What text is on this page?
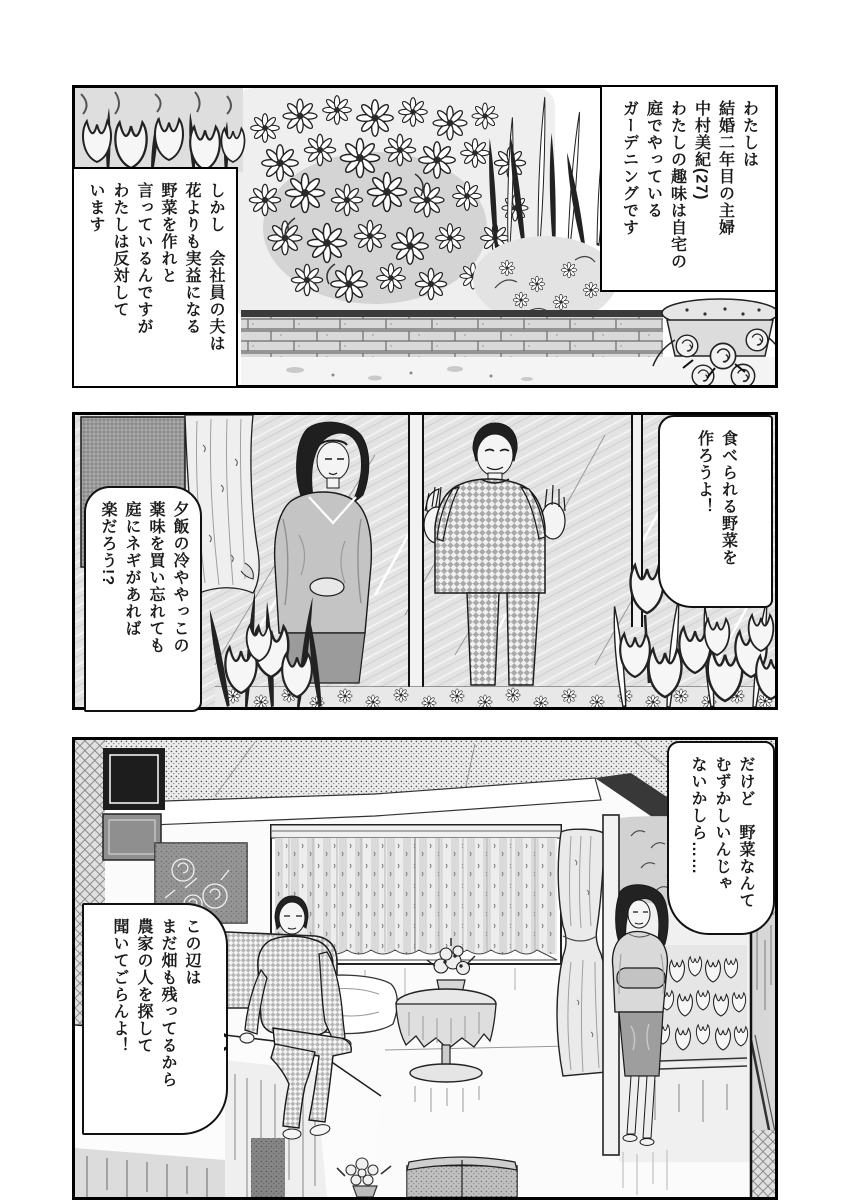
わたしは
結婚二年目の主婦
中村美紀(27)
わたしの趣味は自宅の
庭でやっている
ガーデニングです
しかし　会社員の夫は
花よりも実益になる
野菜を作れと
言っているんですが
わたしは反対して
います
食べられる野菜を
作ろうよ！
夕飯の冷ややっこの
薬味を買い忘れても
庭にネギがあれば
楽だろう!?
だけど　野菜なんて
むずかしいんじゃ
ないかしら……
この辺は
まだ畑も残ってるから
農家の人を探して
聞いてごらんよ！
